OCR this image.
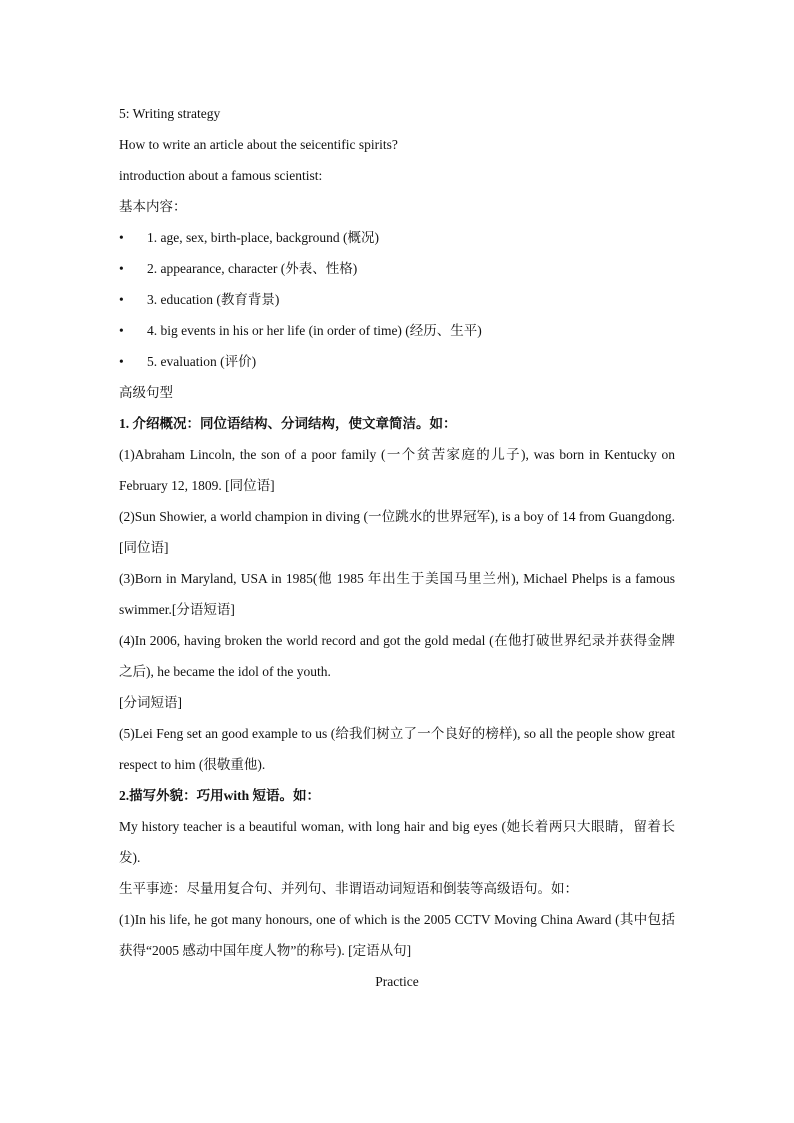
5: Writing strategy
How to write an article about the seicentific spirits?
introduction about a famous scientist:
基本内容：
•	1. age, sex, birth-place, background (概况)
•	2. appearance, character (外表、性格)
•	3. education (教育背景)
•	4. big events in his or her life (in order of time) (经历、生平)
•	5. evaluation (评价)
高级句型
1. 介绍概况：同位语结构、分词结构，使文章简洁。如：
(1)Abraham Lincoln, the son of a poor family (一个贫苦家庭的儿子), was born in Kentucky on February 12, 1809. [同位语]
(2)Sun Showier, a world champion in diving (一位跳水的世界冠军), is a boy of 14 from Guangdong. [同位语]
(3)Born in Maryland, USA in 1985(他 1985 年出生于美国马里兰州), Michael Phelps is a famous swimmer.[分语短语]
(4)In 2006, having broken the world record and got the gold medal (在他打破世界纪录并获得金牌之后), he became the idol of the youth.
[分词短语]
(5)Lei Feng set an good example to us (给我们树立了一个良好的榜样), so all the people show great respect to him (很敬重他).
2.描写外貌：巧用with 短语。如：
My history teacher is a beautiful woman, with long hair and big eyes (她长着两只大眼睛，留着长发).
生平事迹：尽量用复合句、并列句、非谓语动词短语和倒装等高级语句。如：
(1)In his life, he got many honours, one of which is the 2005 CCTV Moving China Award (其中包括获得“2005 感动中国年度人物”的称号). [定语从句]
Practice
